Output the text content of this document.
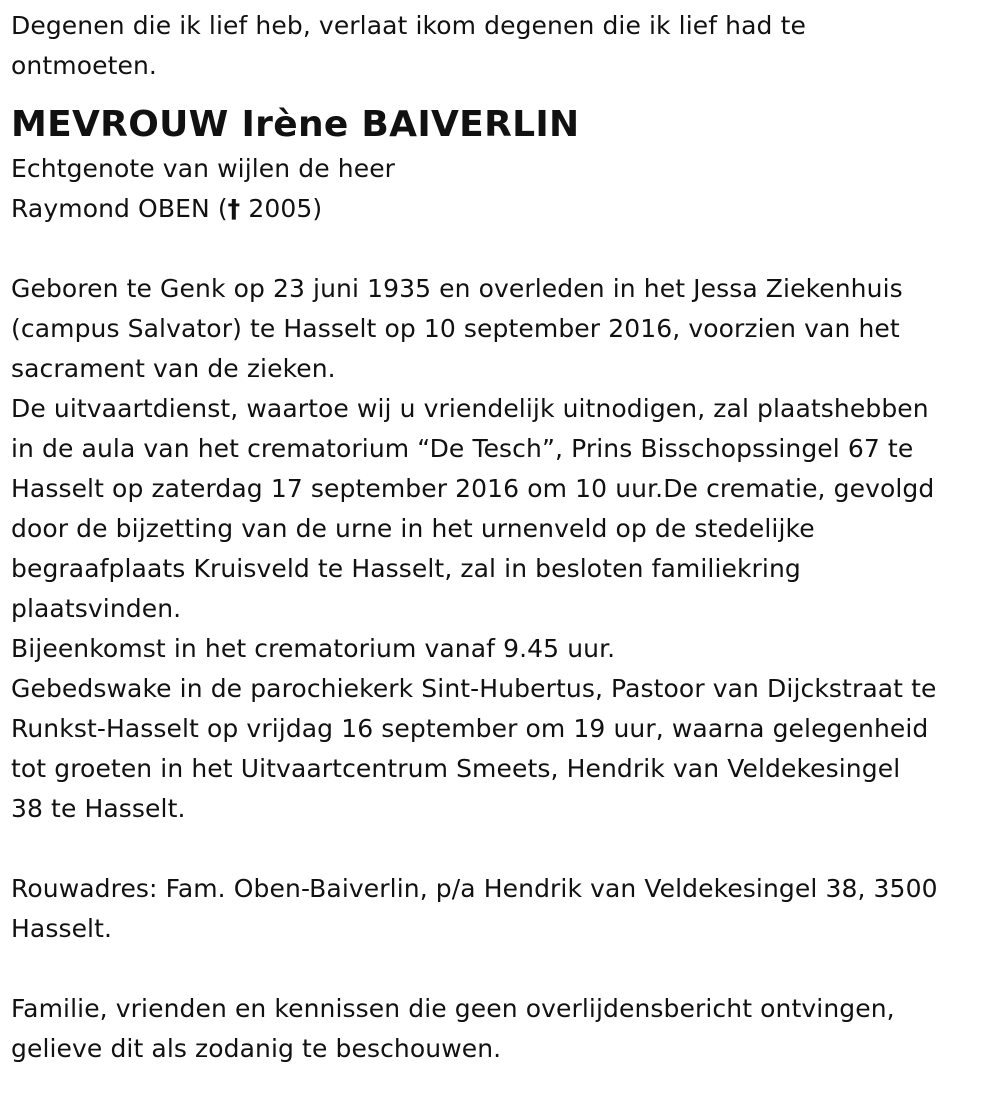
Degenen die ik lief heb, verlaat ikom degenen die ik lief had te
ontmoeten.
MEVROUW Irène BAIVERLIN
Echtgenote van wijlen de heer
Raymond OBEN († 2005)
Geboren te Genk op 23 juni 1935 en overleden in het Jessa Ziekenhuis
(campus Salvator) te Hasselt op 10 september 2016, voorzien van het
sacrament van de zieken.
De uitvaartdienst, waartoe wij u vriendelijk uitnodigen, zal plaatshebben
in de aula van het crematorium “De Tesch”, Prins Bisschopssingel 67 te
Hasselt op zaterdag 17 september 2016 om 10 uur.De crematie, gevolgd
door de bijzetting van de urne in het urnenveld op de stedelijke
begraafplaats Kruisveld te Hasselt, zal in besloten familiekring
plaatsvinden.
Bijeenkomst in het crematorium vanaf 9.45 uur.
Gebedswake in de parochiekerk Sint-Hubertus, Pastoor van Dijckstraat te
Runkst-Hasselt op vrijdag 16 september om 19 uur, waarna gelegenheid
tot groeten in het Uitvaartcentrum Smeets, Hendrik van Veldekesingel
38 te Hasselt.
Rouwadres: Fam. Oben-Baiverlin, p/a Hendrik van Veldekesingel 38, 3500
Hasselt.
Familie, vrienden en kennissen die geen overlijdensbericht ontvingen,
gelieve dit als zodanig te beschouwen.
